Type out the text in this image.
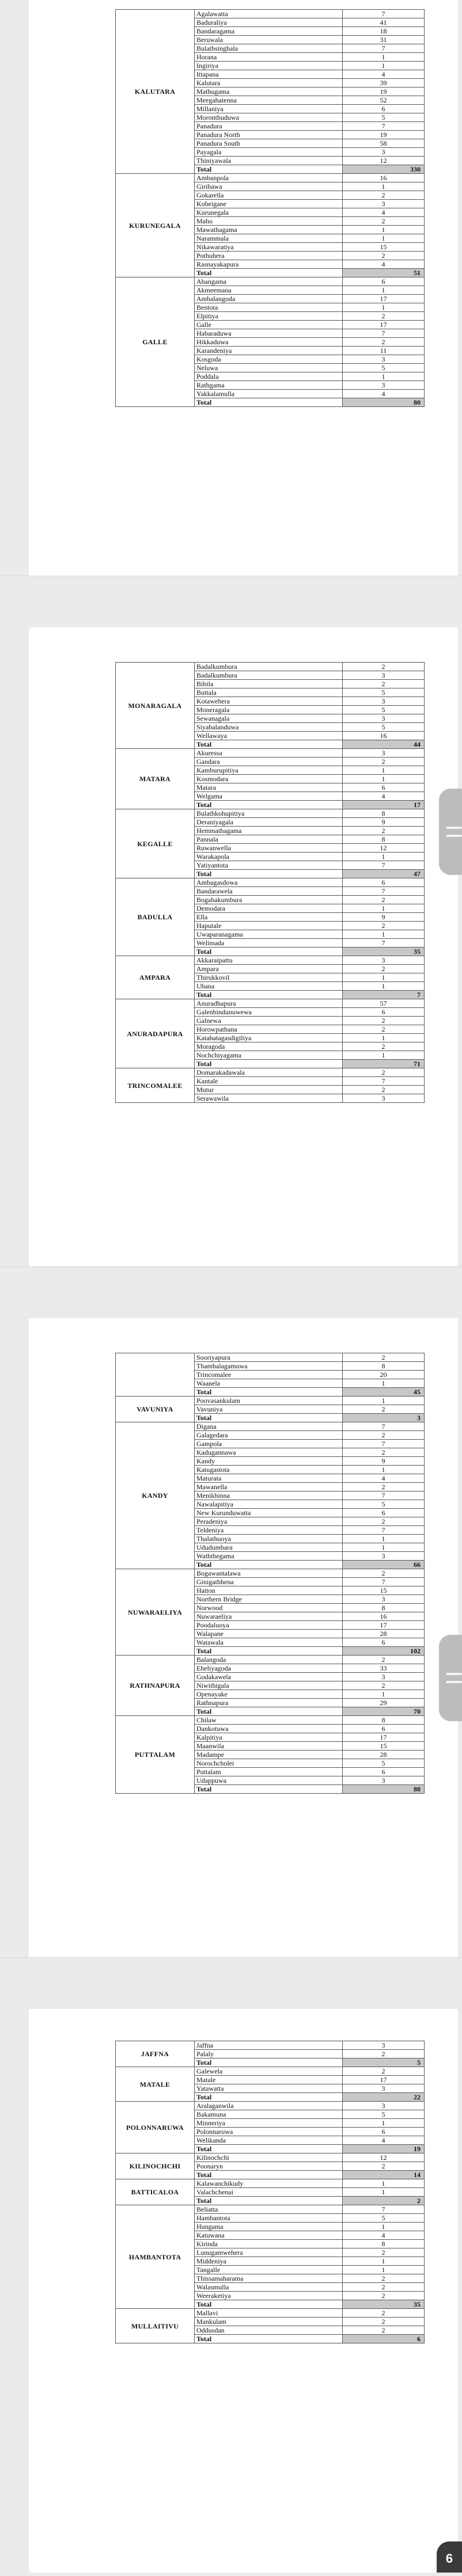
KALUTARA	Agalawatta	7
	Baduraliya	41
	Bandaragama	18
	Beruwala	31
	Bulathsinghala	7
	Horana	1
	Ingiriya	1
	Ittapana	4
	Kalutara	39
	Mathugama	19
	Meegahatenna	52
	Millaniya	6
	Moronthuduwa	5
	Panadura	7
	Panadura North	19
	Panadura South	58
	Payagala	3
	Thiniyawala	12
	Total	330
KURUNEGALA	Ambanpola	16
	Giribawa	1
	Gokarella	2
	Kobeigane	3
	Kurunegala	4
	Maho	2
	Mawathagama	1
	Narammala	1
	Nikawaratiya	15
	Pothuhera	2
	Rasnayakapura	4
	Total	51
GALLE	Ahangama	6
	Akmeemana	1
	Ambalangoda	17
	Bentota	1
	Elpitiya	2
	Galle	17
	Habaraduwa	7
	Hikkaduwa	2
	Karandeniya	11
	Kosgoda	3
	Neluwa	5
	Poddala	1
	Rathgama	3
	Yakkalamulla	4
	Total	80
MONARAGALA	Badalkumbura	2
	Badalkumbura	3
	Bibila	2
	Buttala	5
	Kotawehera	3
	Moneragala	5
	Sewanagala	3
	Siyabalanduwa	5
	Wellawaya	16
	Total	44
MATARA	Akuressa	3
	Gandara	2
	Kamburupitiya	1
	Kosmodara	1
	Matara	6
	Welgama	4
	Total	17
KEGALLE	Bulathkohupitiya	8
	Deraniyagala	9
	Hemmathagama	2
	Pannala	8
	Ruwanwella	12
	Warakapola	1
	Yatiyantota	7
	Total	47
BADULLA	Ambagasdowa	6
	Bandarawela	7
	Bogahakumbura	2
	Demodara	1
	Ella	9
	Haputale	2
	Uwaparanagama	1
	Welimada	7
	Total	35
AMPARA	Akkaraipattu	3
	Ampara	2
	Thirukkovil	1
	Uhana	1
	Total	7
ANURADAPURA	Anuradhapura	57
	Galenbindunuwewa	6
	Galnewa	2
	Horowpathana	2
	Katahatagasdigiliya	1
	Moragoda	2
	Nochchiyagama	1
	Total	71
TRINCOMALEE	Domarakadawala	2
	Kantale	7
	Mutur	2
	Serawawila	3
	Sooriyapura	2
	Thambalagamuwa	8
	Trincomalee	20
	Waanela	1
	Total	45
VAVUNIYA	Poovasankulam	1
	Vavuniya	2
	Total	3
KANDY	Digana	7
	Galagedara	2
	Gampola	7
	Kadugannawa	2
	Kandy	9
	Katugastota	1
	Maturata	4
	Mawanella	2
	Menikhinna	7
	Nawalapitiya	5
	New Kurunduwatta	6
	Peradeniya	2
	Teldeniya	7
	Thalathuoya	1
	Ududumbara	1
	Waththegama	3
	Total	66
NUWARAELIYA	Bogawantalawa	2
	Ginigathhena	7
	Hatton	15
	Northern Bridge	3
	Norwood	8
	Nuwaraeliya	16
	Poodaluoya	17
	Walapane	28
	Watawala	6
	Total	102
RATHNAPURA	Balangoda	2
	Eheliyagoda	33
	Godakawela	3
	Niwithigala	2
	Openayake	1
	Rathnapura	29
	Total	70
PUTTALAM	Chilaw	8
	Dankotuwa	6
	Kalpitiya	17
	Maanwila	15
	Madampe	28
	Norochcholei	5
	Puttalam	6
	Udappuwa	3
	Total	88
JAFFNA	Jaffna	3
	Palaly	2
	Total	5
MATALE	Galewela	2
	Matale	17
	Yatawatta	3
	Total	22
POLONNARUWA	Aralaganwila	3
	Bakamuna	5
	Minneriya	1
	Polonnaruwa	6
	Welikanda	4
	Total	19
KILINOCHCHI	Kilinochchi	12
	Poonaryn	2
	Total	14
BATTICALOA	Kalawanchikudy	1
	Valachchenai	1
	Total	2
HAMBANTOTA	Beliatta	7
	Hambantota	5
	Hungama	1
	Katuwana	4
	Kirinda	8
	Lunugamwehera	2
	Middeniya	1
	Tangalle	1
	Thissamaharama	2
	Walasmulla	2
	Weeraketiya	2
	Total	35
MULLAITIVU	Mallavi	2
	Mankulam	2
	Oddusdan	2
	Total	6
6
